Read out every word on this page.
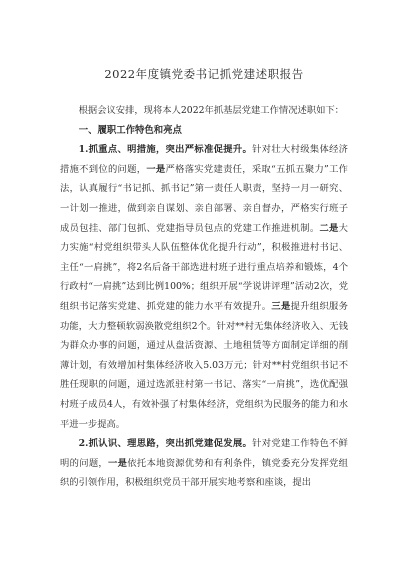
2022年度镇党委书记抓党建述职报告

根据会议安排，现将本人2022年抓基层党建工作情况述职如下：

一、履职工作特色和亮点

1.抓重点、明措施，突出严标准促提升。针对壮大村级集体经济措施不到位的问题，一是严格落实党建责任，采取“五抓五聚力”工作法，认真履行“书记抓、抓书记”第一责任人职责，坚持一月一研究、一计划一推进，做到亲自谋划、亲自部署、亲自督办，严格实行班子成员包挂、部门包抓、党建指导员包点的党建工作推进机制。二是大力实施“村党组织带头人队伍整体优化提升行动”，积极推进村书记、主任“一肩挑”，将2名后备干部选进村班子进行重点培养和锻炼，4个行政村“一肩挑”达到比例100%；组织开展“学说讲评理”活动2次，党组织书记落实党建、抓党建的能力水平有效提升。三是提升组织服务功能，大力整顿软弱涣散党组织2个。针对**村无集体经济收入、无钱为群众办事的问题，通过从盘活资源、土地租赁等方面制定详细的削薄计划，有效增加村集体经济收入5.03万元；针对**村党组织书记不胜任现职的问题，通过选派驻村第一书记、落实“一肩挑”，选优配强村班子成员4人，有效补强了村集体经济，党组织为民服务的能力和水平进一步提高。

2.抓认识、理思路，突出抓党建促发展。针对党建工作特色不鲜明的问题，一是依托本地资源优势和有利条件，镇党委充分发挥党组织的引领作用，积极组织党员干部开展实地考察和座谈，提出
